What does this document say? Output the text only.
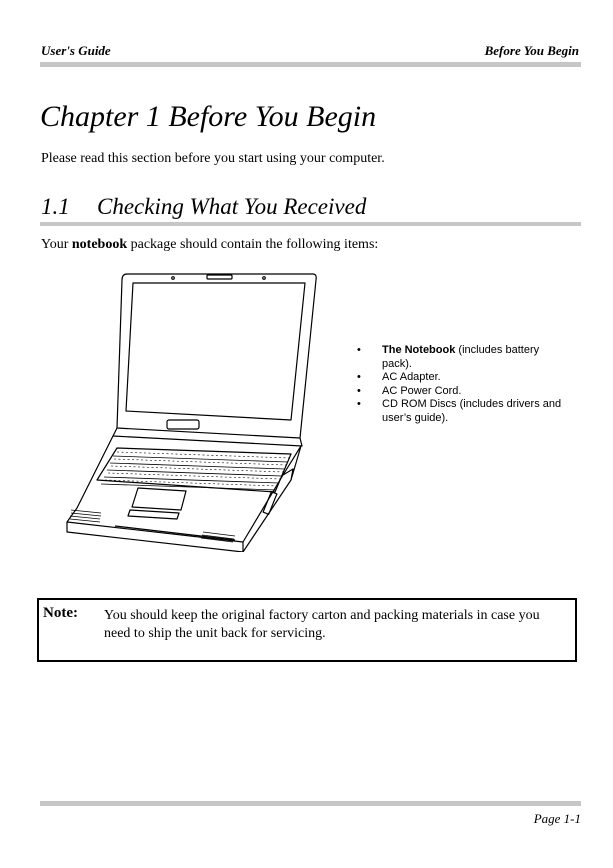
User's Guide	Before You Begin
Chapter 1 Before You Begin
Please read this section before you start using your computer.
1.1 Checking What You Received
Your notebook package should contain the following items:
• The Notebook (includes battery pack).
• AC Adapter.
• AC Power Cord.
• CD ROM Discs (includes drivers and user’s guide).
Note: You should keep the original factory carton and packing materials in case you need to ship the unit back for servicing.
Page 1-1
